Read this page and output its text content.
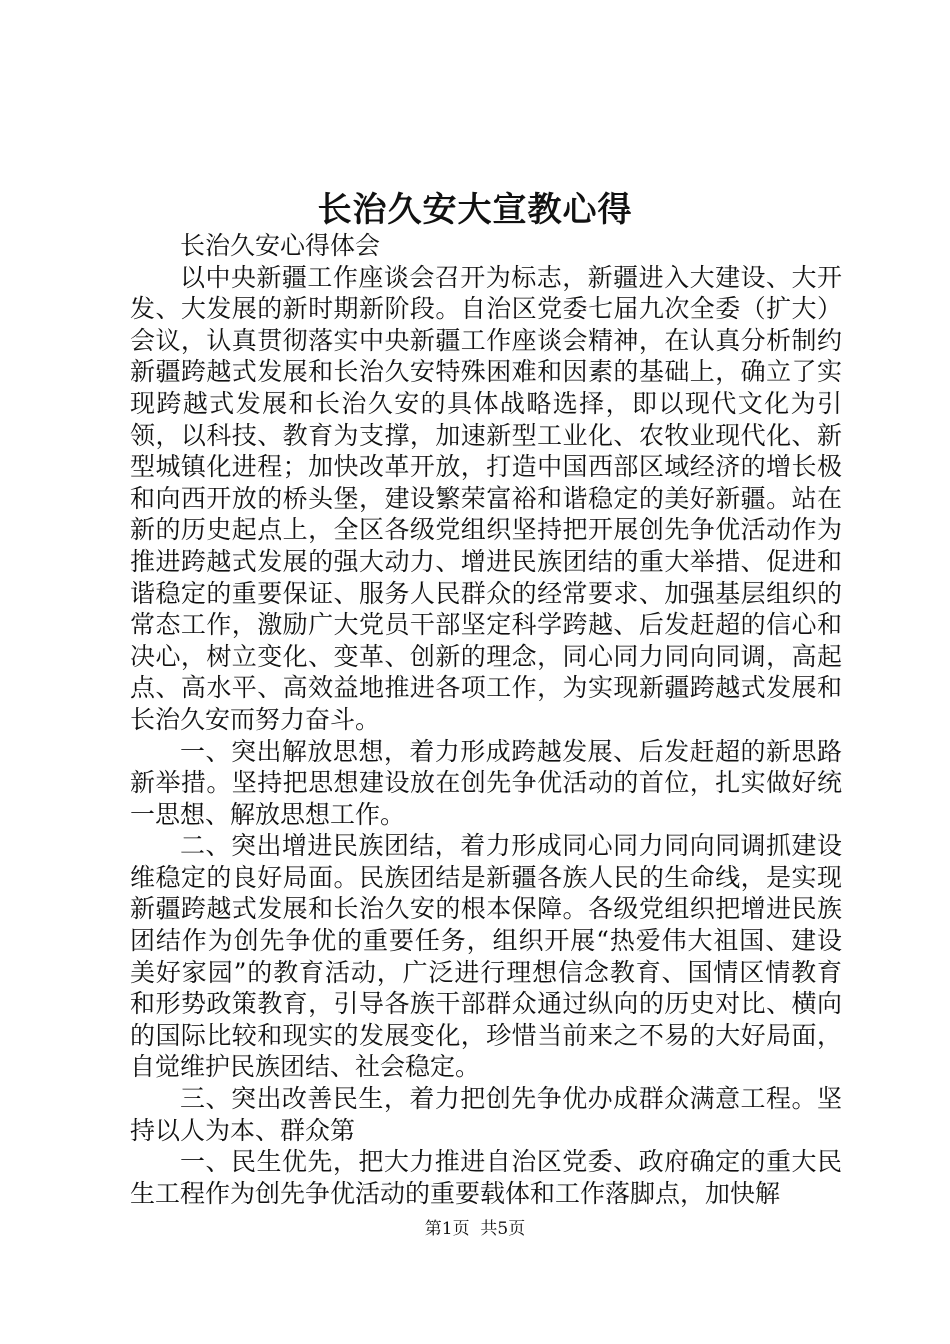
长治久安大宣教心得

长治久安心得体会

以中央新疆工作座谈会召开为标志，新疆进入大建设、大开发、大发展的新时期新阶段。自治区党委七届九次全委（扩大）会议，认真贯彻落实中央新疆工作座谈会精神，在认真分析制约新疆跨越式发展和长治久安特殊困难和因素的基础上，确立了实现跨越式发展和长治久安的具体战略选择，即以现代文化为引领，以科技、教育为支撑，加速新型工业化、农牧业现代化、新型城镇化进程；加快改革开放，打造中国西部区域经济的增长极和向西开放的桥头堡，建设繁荣富裕和谐稳定的美好新疆。站在新的历史起点上，全区各级党组织坚持把开展创先争优活动作为推进跨越式发展的强大动力、增进民族团结的重大举措、促进和谐稳定的重要保证、服务人民群众的经常要求、加强基层组织的常态工作，激励广大党员干部坚定科学跨越、后发赶超的信心和决心，树立变化、变革、创新的理念，同心同力同向同调，高起点、高水平、高效益地推进各项工作，为实现新疆跨越式发展和长治久安而努力奋斗。

一、突出解放思想，着力形成跨越发展、后发赶超的新思路新举措。坚持把思想建设放在创先争优活动的首位，扎实做好统一思想、解放思想工作。

二、突出增进民族团结，着力形成同心同力同向同调抓建设维稳定的良好局面。民族团结是新疆各族人民的生命线，是实现新疆跨越式发展和长治久安的根本保障。各级党组织把增进民族团结作为创先争优的重要任务，组织开展“热爱伟大祖国、建设美好家园”的教育活动，广泛进行理想信念教育、国情区情教育和形势政策教育，引导各族干部群众通过纵向的历史对比、横向的国际比较和现实的发展变化，珍惜当前来之不易的大好局面，自觉维护民族团结、社会稳定。

三、突出改善民生，着力把创先争优办成群众满意工程。坚持以人为本、群众第

一、民生优先，把大力推进自治区党委、政府确定的重大民生工程作为创先争优活动的重要载体和工作落脚点，加快解

第1页 共5页
